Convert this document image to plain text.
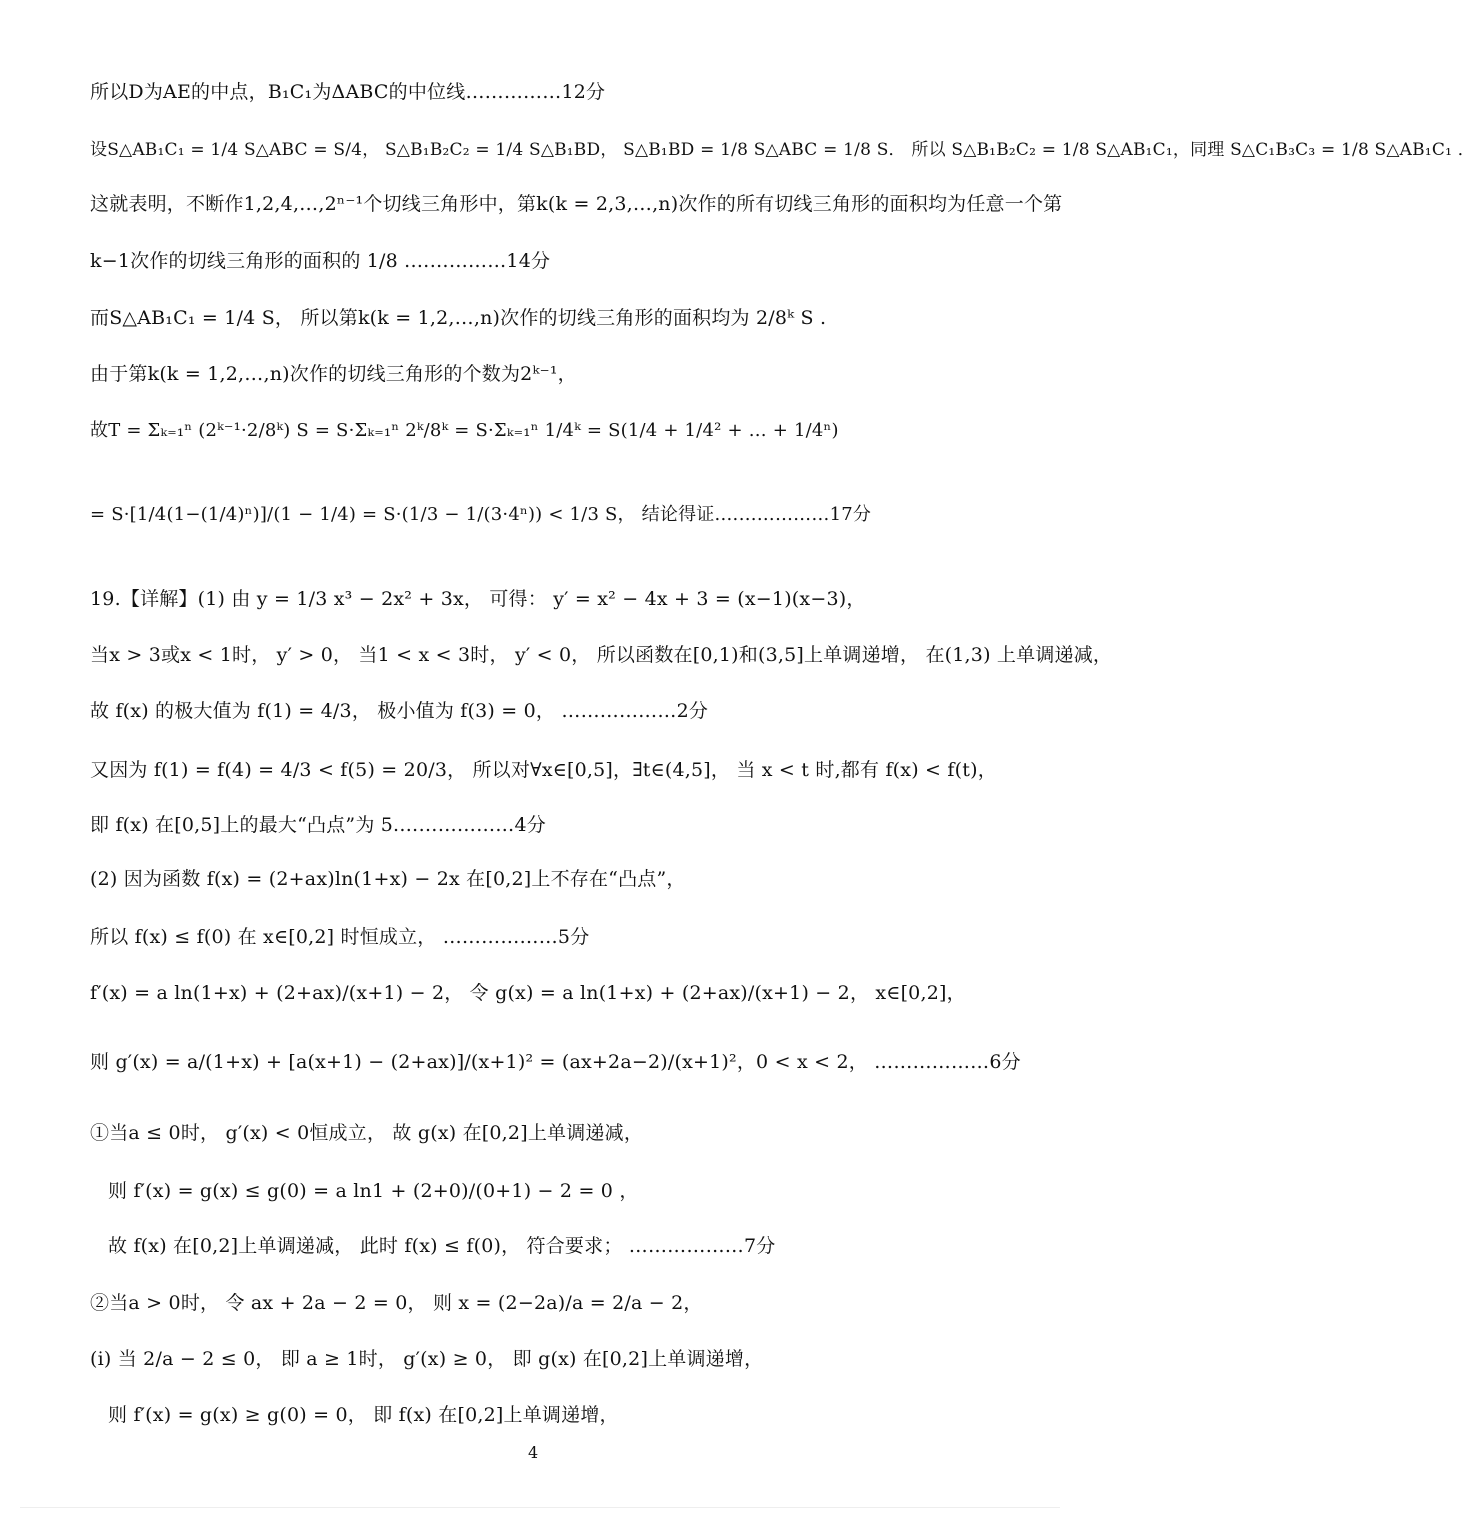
所以D为AE的中点，B₁C₁为ΔABC的中位线……………12分
设S△AB₁C₁ = 1/4 S△ABC = S/4， S△B₁B₂C₂ = 1/4 S△B₁BD， S△B₁BD = 1/8 S△ABC = 1/8 S． 所以 S△B₁B₂C₂ = 1/8 S△AB₁C₁，同理 S△C₁B₃C₃ = 1/8 S△AB₁C₁ ．
这就表明，不断作1,2,4,…,2ⁿ⁻¹个切线三角形中，第k(k = 2,3,…,n)次作的所有切线三角形的面积均为任意一个第
k−1次作的切线三角形的面积的 1/8 .……………14分
而S△AB₁C₁ = 1/4 S， 所以第k(k = 1,2,…,n)次作的切线三角形的面积均为 2/8ᵏ S .
由于第k(k = 1,2,…,n)次作的切线三角形的个数为2ᵏ⁻¹，
故T = Σₖ₌₁ⁿ (2ᵏ⁻¹·2/8ᵏ) S = S·Σₖ₌₁ⁿ 2ᵏ/8ᵏ = S·Σₖ₌₁ⁿ 1/4ᵏ = S(1/4 + 1/4² + … + 1/4ⁿ)
= S·[1/4(1−(1/4)ⁿ)]/(1 − 1/4) = S·(1/3 − 1/(3·4ⁿ)) < 1/3 S， 结论得证.………………17分
19.【详解】(1) 由 y = 1/3 x³ − 2x² + 3x， 可得： y′ = x² − 4x + 3 = (x−1)(x−3)，
当x > 3或x < 1时， y′ > 0， 当1 < x < 3时， y′ < 0， 所以函数在[0,1)和(3,5]上单调递增， 在(1,3) 上单调递减，
故 f(x) 的极大值为 f(1) = 4/3， 极小值为 f(3) = 0， ………………2分
又因为 f(1) = f(4) = 4/3 < f(5) = 20/3， 所以对∀x∈[0,5]，∃t∈(4,5]， 当 x < t 时,都有 f(x) < f(t)，
即 f(x) 在[0,5]上的最大“凸点”为 5.………………4分
(2) 因为函数 f(x) = (2+ax)ln(1+x) − 2x 在[0,2]上不存在“凸点”，
所以 f(x) ≤ f(0) 在 x∈[0,2] 时恒成立， ………………5分
f′(x) = a ln(1+x) + (2+ax)/(x+1) − 2， 令 g(x) = a ln(1+x) + (2+ax)/(x+1) − 2， x∈[0,2]，
则 g′(x) = a/(1+x) + [a(x+1) − (2+ax)]/(x+1)² = (ax+2a−2)/(x+1)²，0 < x < 2， ………………6分
①当a ≤ 0时， g′(x) < 0恒成立， 故 g(x) 在[0,2]上单调递减，
则 f′(x) = g(x) ≤ g(0) = a ln1 + (2+0)/(0+1) − 2 = 0 ，
故 f(x) 在[0,2]上单调递减， 此时 f(x) ≤ f(0)， 符合要求； ………………7分
②当a > 0时， 令 ax + 2a − 2 = 0， 则 x = (2−2a)/a = 2/a − 2，
(i) 当 2/a − 2 ≤ 0， 即 a ≥ 1时， g′(x) ≥ 0， 即 g(x) 在[0,2]上单调递增，
则 f′(x) = g(x) ≥ g(0) = 0， 即 f(x) 在[0,2]上单调递增，
4
